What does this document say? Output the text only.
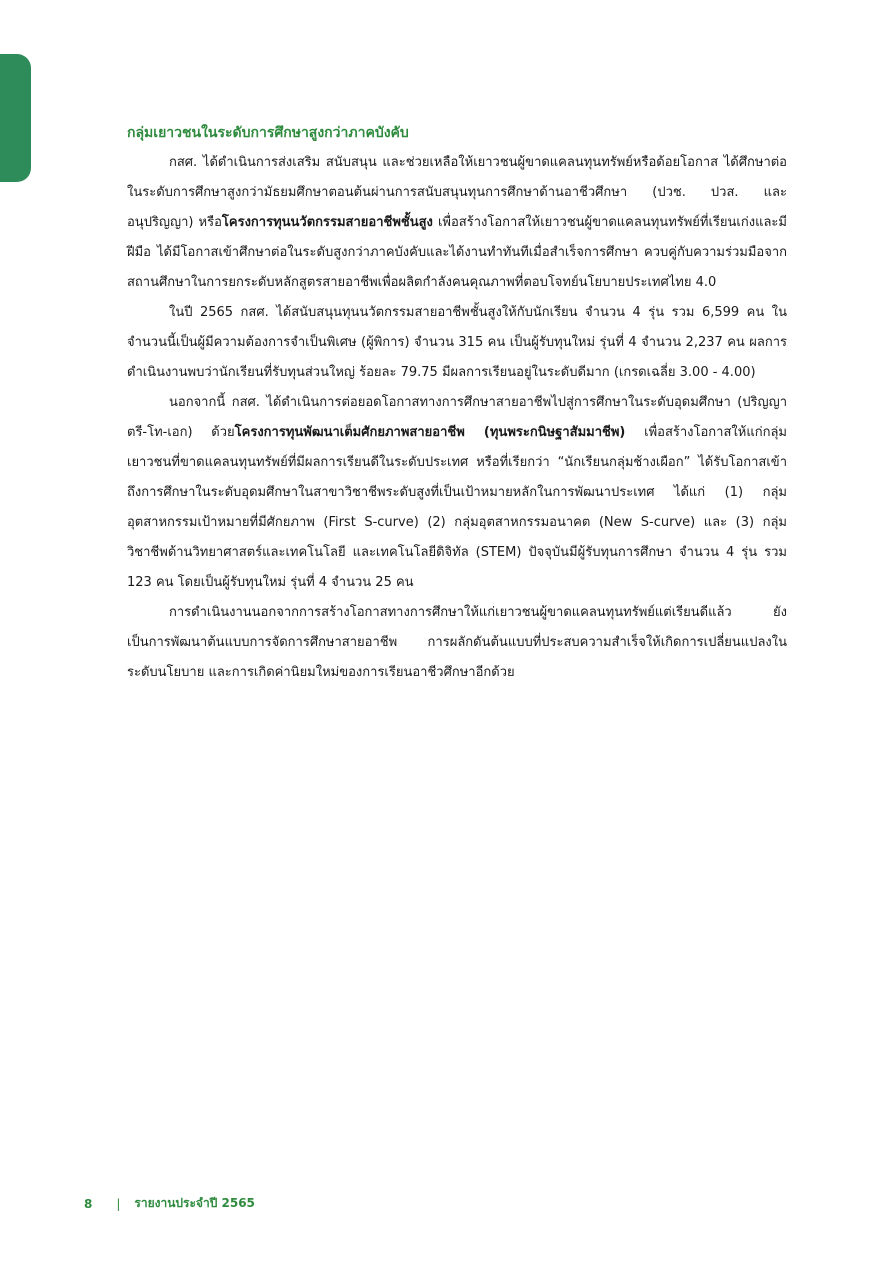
กลุ่มเยาวชนในระดับการศึกษาสูงกว่าภาคบังคับ

กสศ. ได้ดำเนินการส่งเสริม สนับสนุน และช่วยเหลือให้เยาวชนผู้ขาดแคลนทุนทรัพย์หรือด้อยโอกาส ได้ศึกษาต่อในระดับการศึกษาสูงกว่ามัธยมศึกษาตอนต้นผ่านการสนับสนุนทุนการศึกษาด้านอาชีวศึกษา (ปวช. ปวส. และอนุปริญญา) หรือโครงการทุนนวัตกรรมสายอาชีพชั้นสูง เพื่อสร้างโอกาสให้เยาวชนผู้ขาดแคลนทุนทรัพย์ที่เรียนเก่งและมีฝีมือ ได้มีโอกาสเข้าศึกษาต่อในระดับสูงกว่าภาคบังคับและได้งานทำทันทีเมื่อสำเร็จการศึกษา ควบคู่กับความร่วมมือจากสถานศึกษาในการยกระดับหลักสูตรสายอาชีพเพื่อผลิตกำลังคนคุณภาพที่ตอบโจทย์นโยบายประเทศไทย 4.0

ในปี 2565 กสศ. ได้สนับสนุนทุนนวัตกรรมสายอาชีพชั้นสูงให้กับนักเรียน จำนวน 4 รุ่น รวม 6,599 คน ในจำนวนนี้เป็นผู้มีความต้องการจำเป็นพิเศษ (ผู้พิการ) จำนวน 315 คน เป็นผู้รับทุนใหม่ รุ่นที่ 4 จำนวน 2,237 คน ผลการดำเนินงานพบว่านักเรียนที่รับทุนส่วนใหญ่ ร้อยละ 79.75 มีผลการเรียนอยู่ในระดับดีมาก (เกรดเฉลี่ย 3.00 - 4.00)

นอกจากนี้ กสศ. ได้ดำเนินการต่อยอดโอกาสทางการศึกษาสายอาชีพไปสู่การศึกษาในระดับอุดมศึกษา (ปริญญาตรี-โท-เอก) ด้วยโครงการทุนพัฒนาเต็มศักยภาพสายอาชีพ (ทุนพระกนิษฐาสัมมาชีพ) เพื่อสร้างโอกาสให้แก่กลุ่มเยาวชนที่ขาดแคลนทุนทรัพย์ที่มีผลการเรียนดีในระดับประเทศ หรือที่เรียกว่า “นักเรียนกลุ่มช้างเผือก” ได้รับโอกาสเข้าถึงการศึกษาในระดับอุดมศึกษาในสาขาวิชาชีพระดับสูงที่เป็นเป้าหมายหลักในการพัฒนาประเทศ ได้แก่ (1) กลุ่มอุตสาหกรรมเป้าหมายที่มีศักยภาพ (First S-curve) (2) กลุ่มอุตสาหกรรมอนาคต (New S-curve) และ (3) กลุ่มวิชาชีพด้านวิทยาศาสตร์และเทคโนโลยี และเทคโนโลยีดิจิทัล (STEM) ปัจจุบันมีผู้รับทุนการศึกษา จำนวน 4 รุ่น รวม 123 คน โดยเป็นผู้รับทุนใหม่ รุ่นที่ 4 จำนวน 25 คน

การดำเนินงานนอกจากการสร้างโอกาสทางการศึกษาให้แก่เยาวชนผู้ขาดแคลนทุนทรัพย์แต่เรียนดีแล้ว ยังเป็นการพัฒนาต้นแบบการจัดการศึกษาสายอาชีพ การผลักดันต้นแบบที่ประสบความสำเร็จให้เกิดการเปลี่ยนแปลงในระดับนโยบาย และการเกิดค่านิยมใหม่ของการเรียนอาชีวศึกษาอีกด้วย

8 | รายงานประจำปี 2565
